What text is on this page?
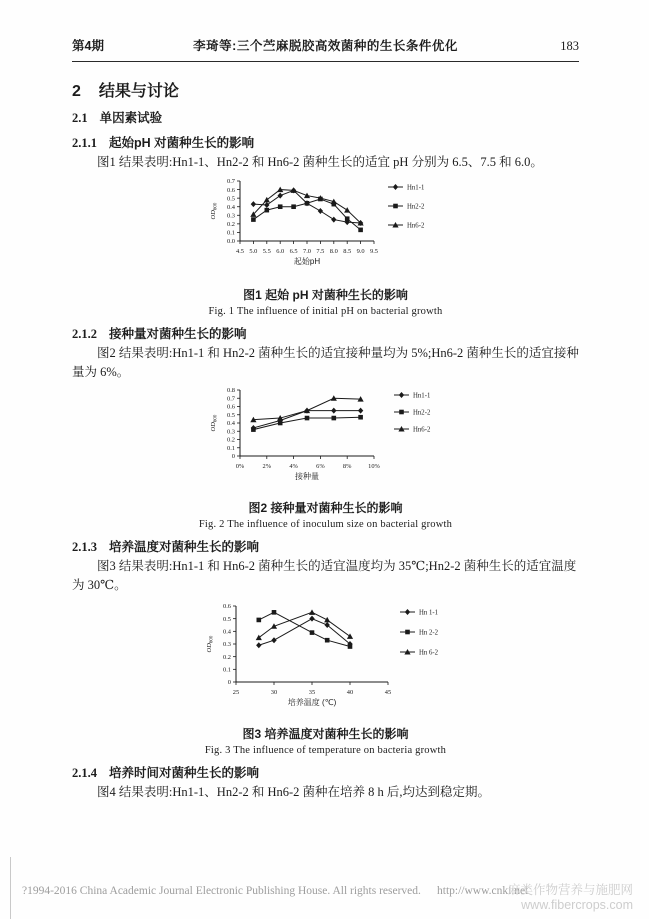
第4期	李琦等:三个苎麻脱胶高效菌种的生长条件优化	183
2 结果与讨论
2.1 单因素试验
2.1.1 起始pH 对菌种生长的影响

图1 结果表明:Hn1-1、Hn2-2 和 Hn6-2 菌种生长的适宜 pH 分别为 6.5、7.5 和 6.0。

0.0
0.1
0.2
0.3
0.4
0.5
0.6
0.7
4.5 5.0 5.5 6.0 6.5 7.0 7.5 8.0 8.5 9.0 9.5
起始pH
$OD_{600}$
Hn1-1
Hn2-2
Hn6-2
图1 起始 pH 对菌种生长的影响
Fig. 1 The influence of initial pH on bacterial growth
2.1.2 接种量对菌种生长的影响

图2 结果表明:Hn1-1 和 Hn2-2 菌种生长的适宜接种量均为 5%;Hn6-2 菌种生长的适宜接种量为 6%。

0
0.1
0.2
0.3
0.4
0.5
0.6
0.7
0.8
0%	2%	4%	6%	8%	10%
接种量
$OD_{600}$
Hn1-1
Hn2-2
Hn6-2
图2 接种量对菌种生长的影响
Fig. 2 The influence of inoculum size on bacterial growth
2.1.3 培养温度对菌种生长的影响

图3 结果表明:Hn1-1 和 Hn6-2 菌种生长的适宜温度均为 35℃;Hn2-2 菌种生长的适宜温度为 30℃。

0
0.1
0.2
0.3
0.4
0.5
0.6
25	30	35	40	45
培养温度 (℃)
$OD_{600}$
Hn 1-1
Hn 2-2
Hn 6-2
图3 培养温度对菌种生长的影响
Fig. 3 The influence of temperature on bacteria growth
2.1.4 培养时间对菌种生长的影响

图4 结果表明:Hn1-1、Hn2-2 和 Hn6-2 菌种在培养 8 h 后,均达到稳定期。

?1994-2016 China Academic Journal Electronic Publishing House. All rights reserved. http://www.cnki.net
麻类作物营养与施肥网
www.fibercrops.com
